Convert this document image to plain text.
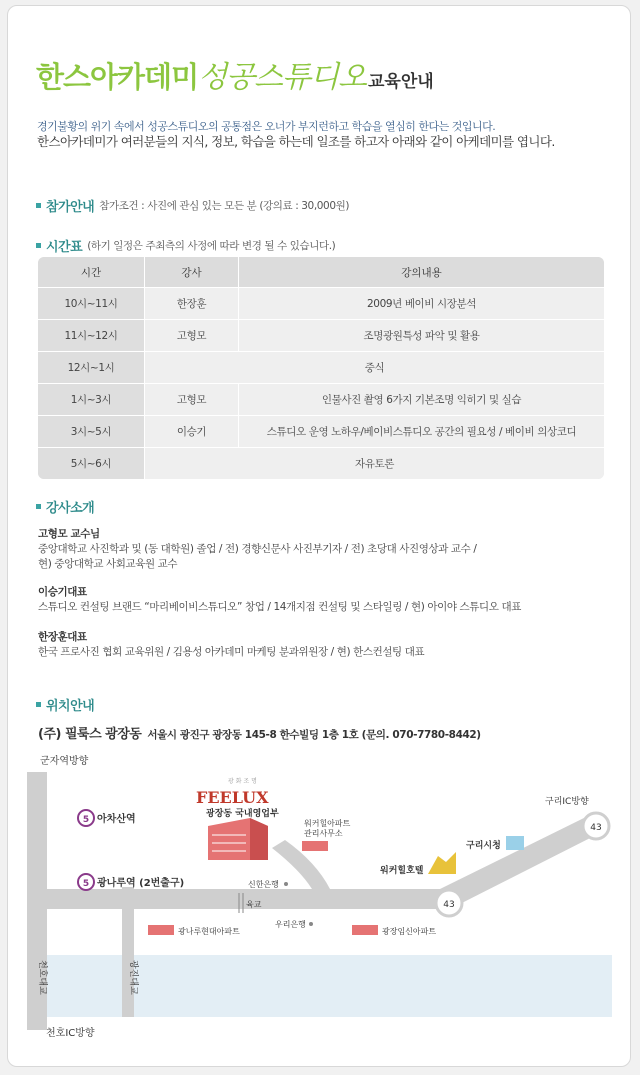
한스아카데미성공스튜디오 교육안내
경기불황의 위기 속에서 성공스튜디오의 공통점은 오너가 부지런하고 학습을 열심히 한다는 것입니다.
한스아카데미가 여러분들의 지식, 정보, 학습을 하는데 일조를 하고자 아래와 같이 아케데미를 엽니다.
참가안내 참가조건 : 사진에 관심 있는 모든 분 (강의료 : 30,000원)
시간표 (하기 일정은 주최측의 사정에 따라 변경 될 수 있습니다.)
시간	강사	강의내용
10시~11시	한장훈	2009년 베이비 시장분석
11시~12시	고형모	조명광원특성 파악 및 활용
12시~1시	중식	
1시~3시	고형모	인물사진 촬영 6가지 기본조명 익히기 및 실습
3시~5시	이승기	스튜디오 운영 노하우/베이비스튜디오 공간의 필요성 / 베이비 의상코디
5시~6시	자유토론	
강사소개
고형모 교수님
중앙대학교 사진학과 및 (동 대학원) 졸업 / 전) 경향신문사 사진부기자 / 전) 초당대 사진영상과 교수 /
현) 중앙대학교 사회교육원 교수
이승기대표
스튜디오 컨설팅 브랜드 “마리베이비스튜디오” 창업 / 14개지점 컨설팅 및 스타일링 / 현) 아이야 스튜디오 대표
한장훈대표
한국 프로사진 협회 교육위원 / 김용성 아카데미 마케팅 분과위원장 / 현) 한스컨설팅 대표
위치안내
(주) 필룩스 광장동 서울시 광진구 광장동 145-8 한수빌딩 1층 1호 (문의. 070-7780-8442)
43
43
5 아차산역
5 광나루역 (2번출구)
군자역방향
광 화 조 명
FEELUX
광장동 국내영업부
워커힐아파트
관리사무소
워커힐호텔
구리시청
구리IC방향
신한은행
육교
우리은행
광나루현대아파트	광장임신아파트
천호대교	광진대교
천호IC방향
